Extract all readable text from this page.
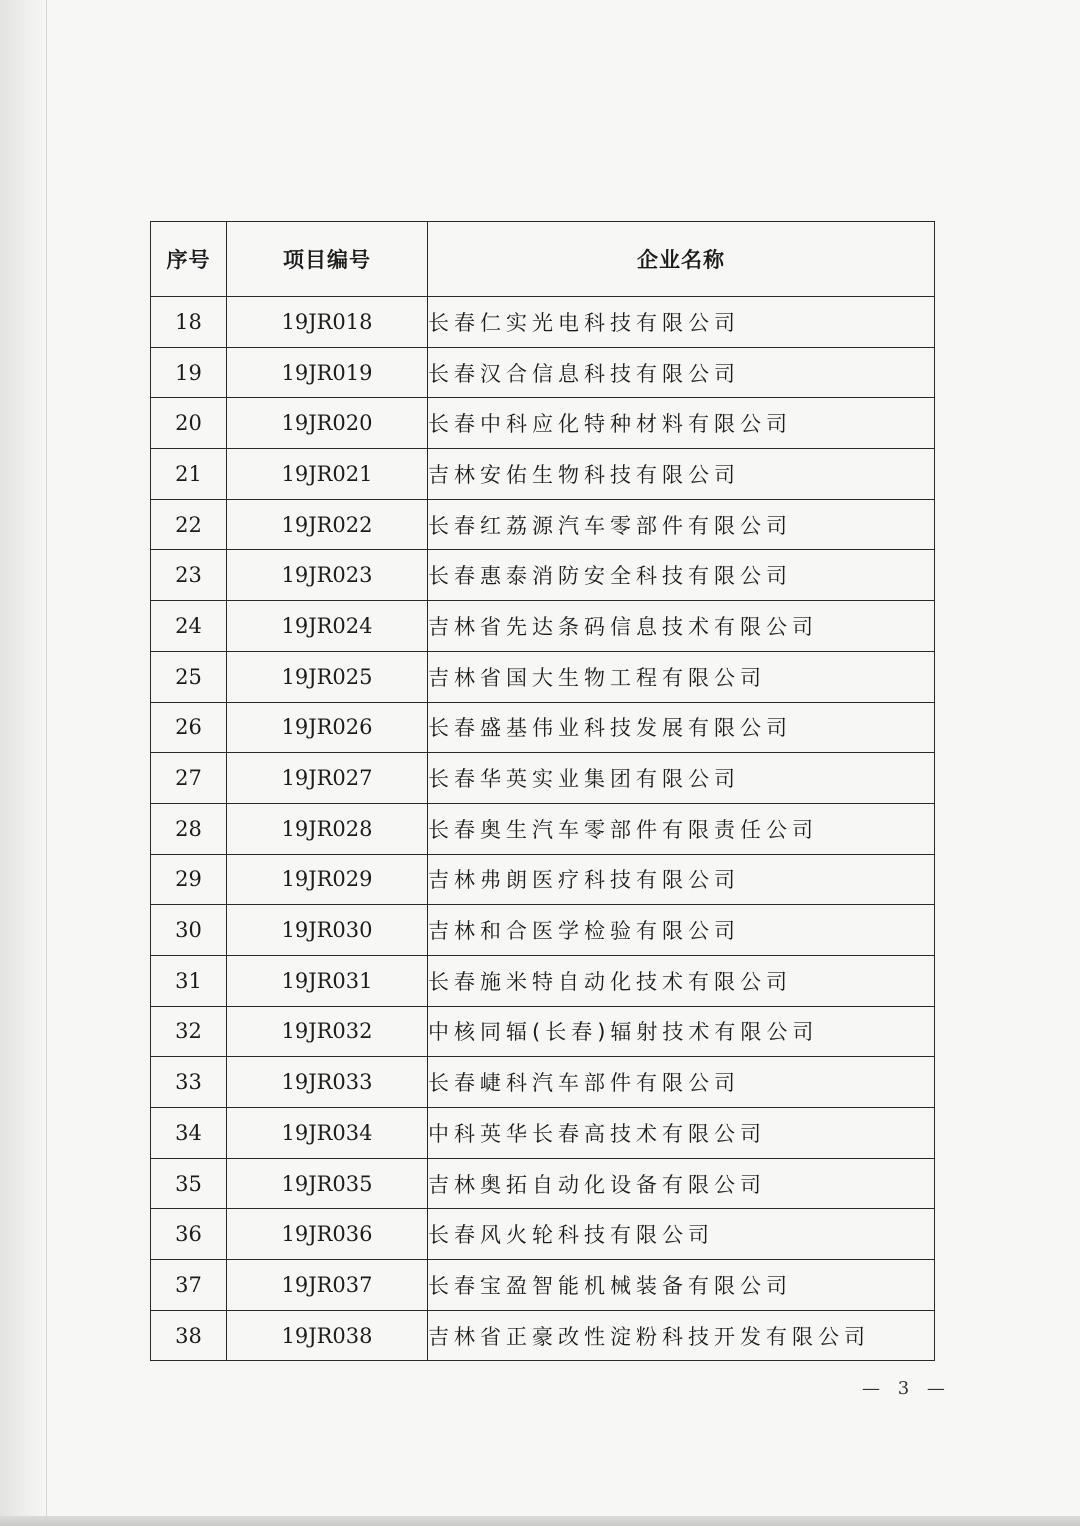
序号	项目编号	企业名称
18	19JR018	长春仁实光电科技有限公司
19	19JR019	长春汉合信息科技有限公司
20	19JR020	长春中科应化特种材料有限公司
21	19JR021	吉林安佑生物科技有限公司
22	19JR022	长春红荔源汽车零部件有限公司
23	19JR023	长春惠泰消防安全科技有限公司
24	19JR024	吉林省先达条码信息技术有限公司
25	19JR025	吉林省国大生物工程有限公司
26	19JR026	长春盛基伟业科技发展有限公司
27	19JR027	长春华英实业集团有限公司
28	19JR028	长春奥生汽车零部件有限责任公司
29	19JR029	吉林弗朗医疗科技有限公司
30	19JR030	吉林和合医学检验有限公司
31	19JR031	长春施米特自动化技术有限公司
32	19JR032	中核同辐(长春)辐射技术有限公司
33	19JR033	长春崨科汽车部件有限公司
34	19JR034	中科英华长春高技术有限公司
35	19JR035	吉林奥拓自动化设备有限公司
36	19JR036	长春风火轮科技有限公司
37	19JR037	长春宝盈智能机械装备有限公司
38	19JR038	吉林省正豪改性淀粉科技开发有限公司
— 3 —
